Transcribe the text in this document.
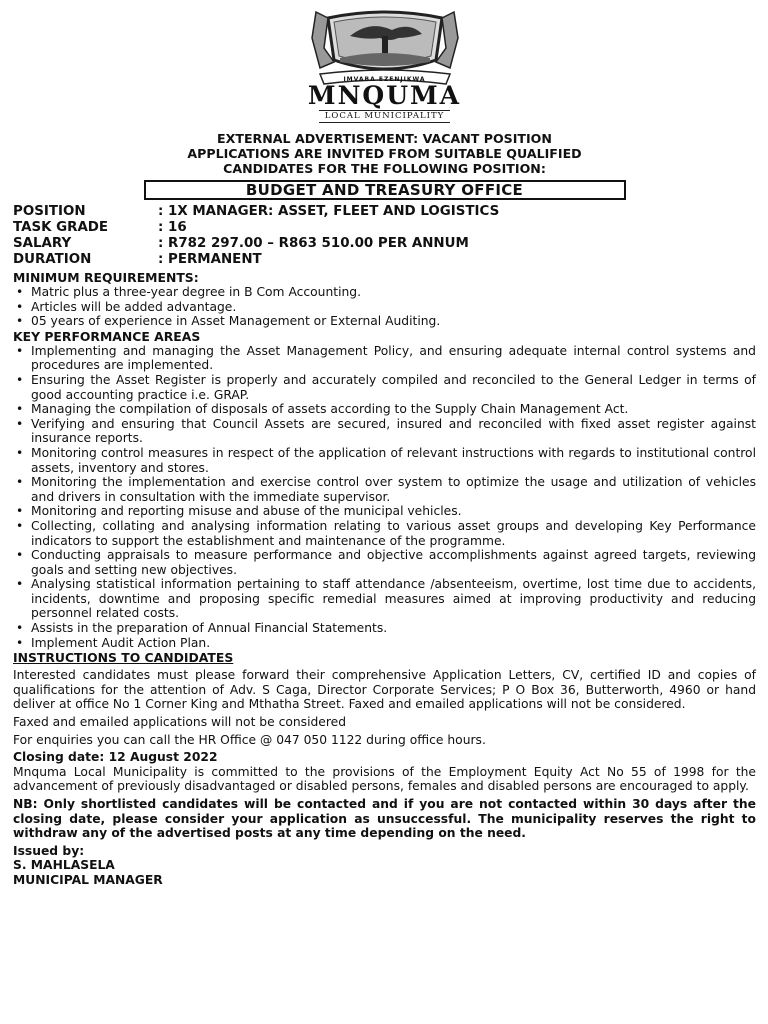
IMVABA EZENJIKWA
MNQUMA
LOCAL MUNICIPALITY
EXTERNAL ADVERTISEMENT: VACANT POSITION
APPLICATIONS ARE INVITED FROM SUITABLE QUALIFIED
CANDIDATES FOR THE FOLLOWING POSITION:
BUDGET AND TREASURY OFFICE
POSITION	: 1X MANAGER: ASSET, FLEET AND LOGISTICS
TASK GRADE	: 16
SALARY	: R782 297.00 – R863 510.00 PER ANNUM
DURATION	: PERMANENT
MINIMUM REQUIREMENTS:
• Matric plus a three-year degree in B Com Accounting.
• Articles will be added advantage.
• 05 years of experience in Asset Management or External Auditing.
KEY PERFORMANCE AREAS
• Implementing and managing the Asset Management Policy, and ensuring adequate internal control systems and procedures are implemented.
• Ensuring the Asset Register is properly and accurately compiled and reconciled to the General Ledger in terms of good accounting practice i.e. GRAP.
• Managing the compilation of disposals of assets according to the Supply Chain Management Act.
• Verifying and ensuring that Council Assets are secured, insured and reconciled with fixed asset register against insurance reports.
• Monitoring control measures in respect of the application of relevant instructions with regards to institutional control assets, inventory and stores.
• Monitoring the implementation and exercise control over system to optimize the usage and utilization of vehicles and drivers in consultation with the immediate supervisor.
• Monitoring and reporting misuse and abuse of the municipal vehicles.
• Collecting, collating and analysing information relating to various asset groups and developing Key Performance indicators to support the establishment and maintenance of the programme.
• Conducting appraisals to measure performance and objective accomplishments against agreed targets, reviewing goals and setting new objectives.
• Analysing statistical information pertaining to staff attendance /absenteeism, overtime, lost time due to accidents, incidents, downtime and proposing specific remedial measures aimed at improving productivity and reducing personnel related costs.
• Assists in the preparation of Annual Financial Statements.
• Implement Audit Action Plan.
INSTRUCTIONS TO CANDIDATES

Interested candidates must please forward their comprehensive Application Letters, CV, certified ID and copies of qualifications for the attention of Adv. S Caga, Director Corporate Services; P O Box 36, Butterworth, 4960 or hand deliver at office No 1 Corner King and Mthatha Street. Faxed and emailed applications will not be considered.

Faxed and emailed applications will not be considered

For enquiries you can call the HR Office @ 047 050 1122 during office hours.

Closing date: 12 August 2022

Mnquma Local Municipality is committed to the provisions of the Employment Equity Act No 55 of 1998 for the advancement of previously disadvantaged or disabled persons, females and disabled persons are encouraged to apply.

NB: Only shortlisted candidates will be contacted and if you are not contacted within 30 days after the closing date, please consider your application as unsuccessful. The municipality reserves the right to withdraw any of the advertised posts at any time depending on the need.

Issued by:

S. MAHLASELA

MUNICIPAL MANAGER
